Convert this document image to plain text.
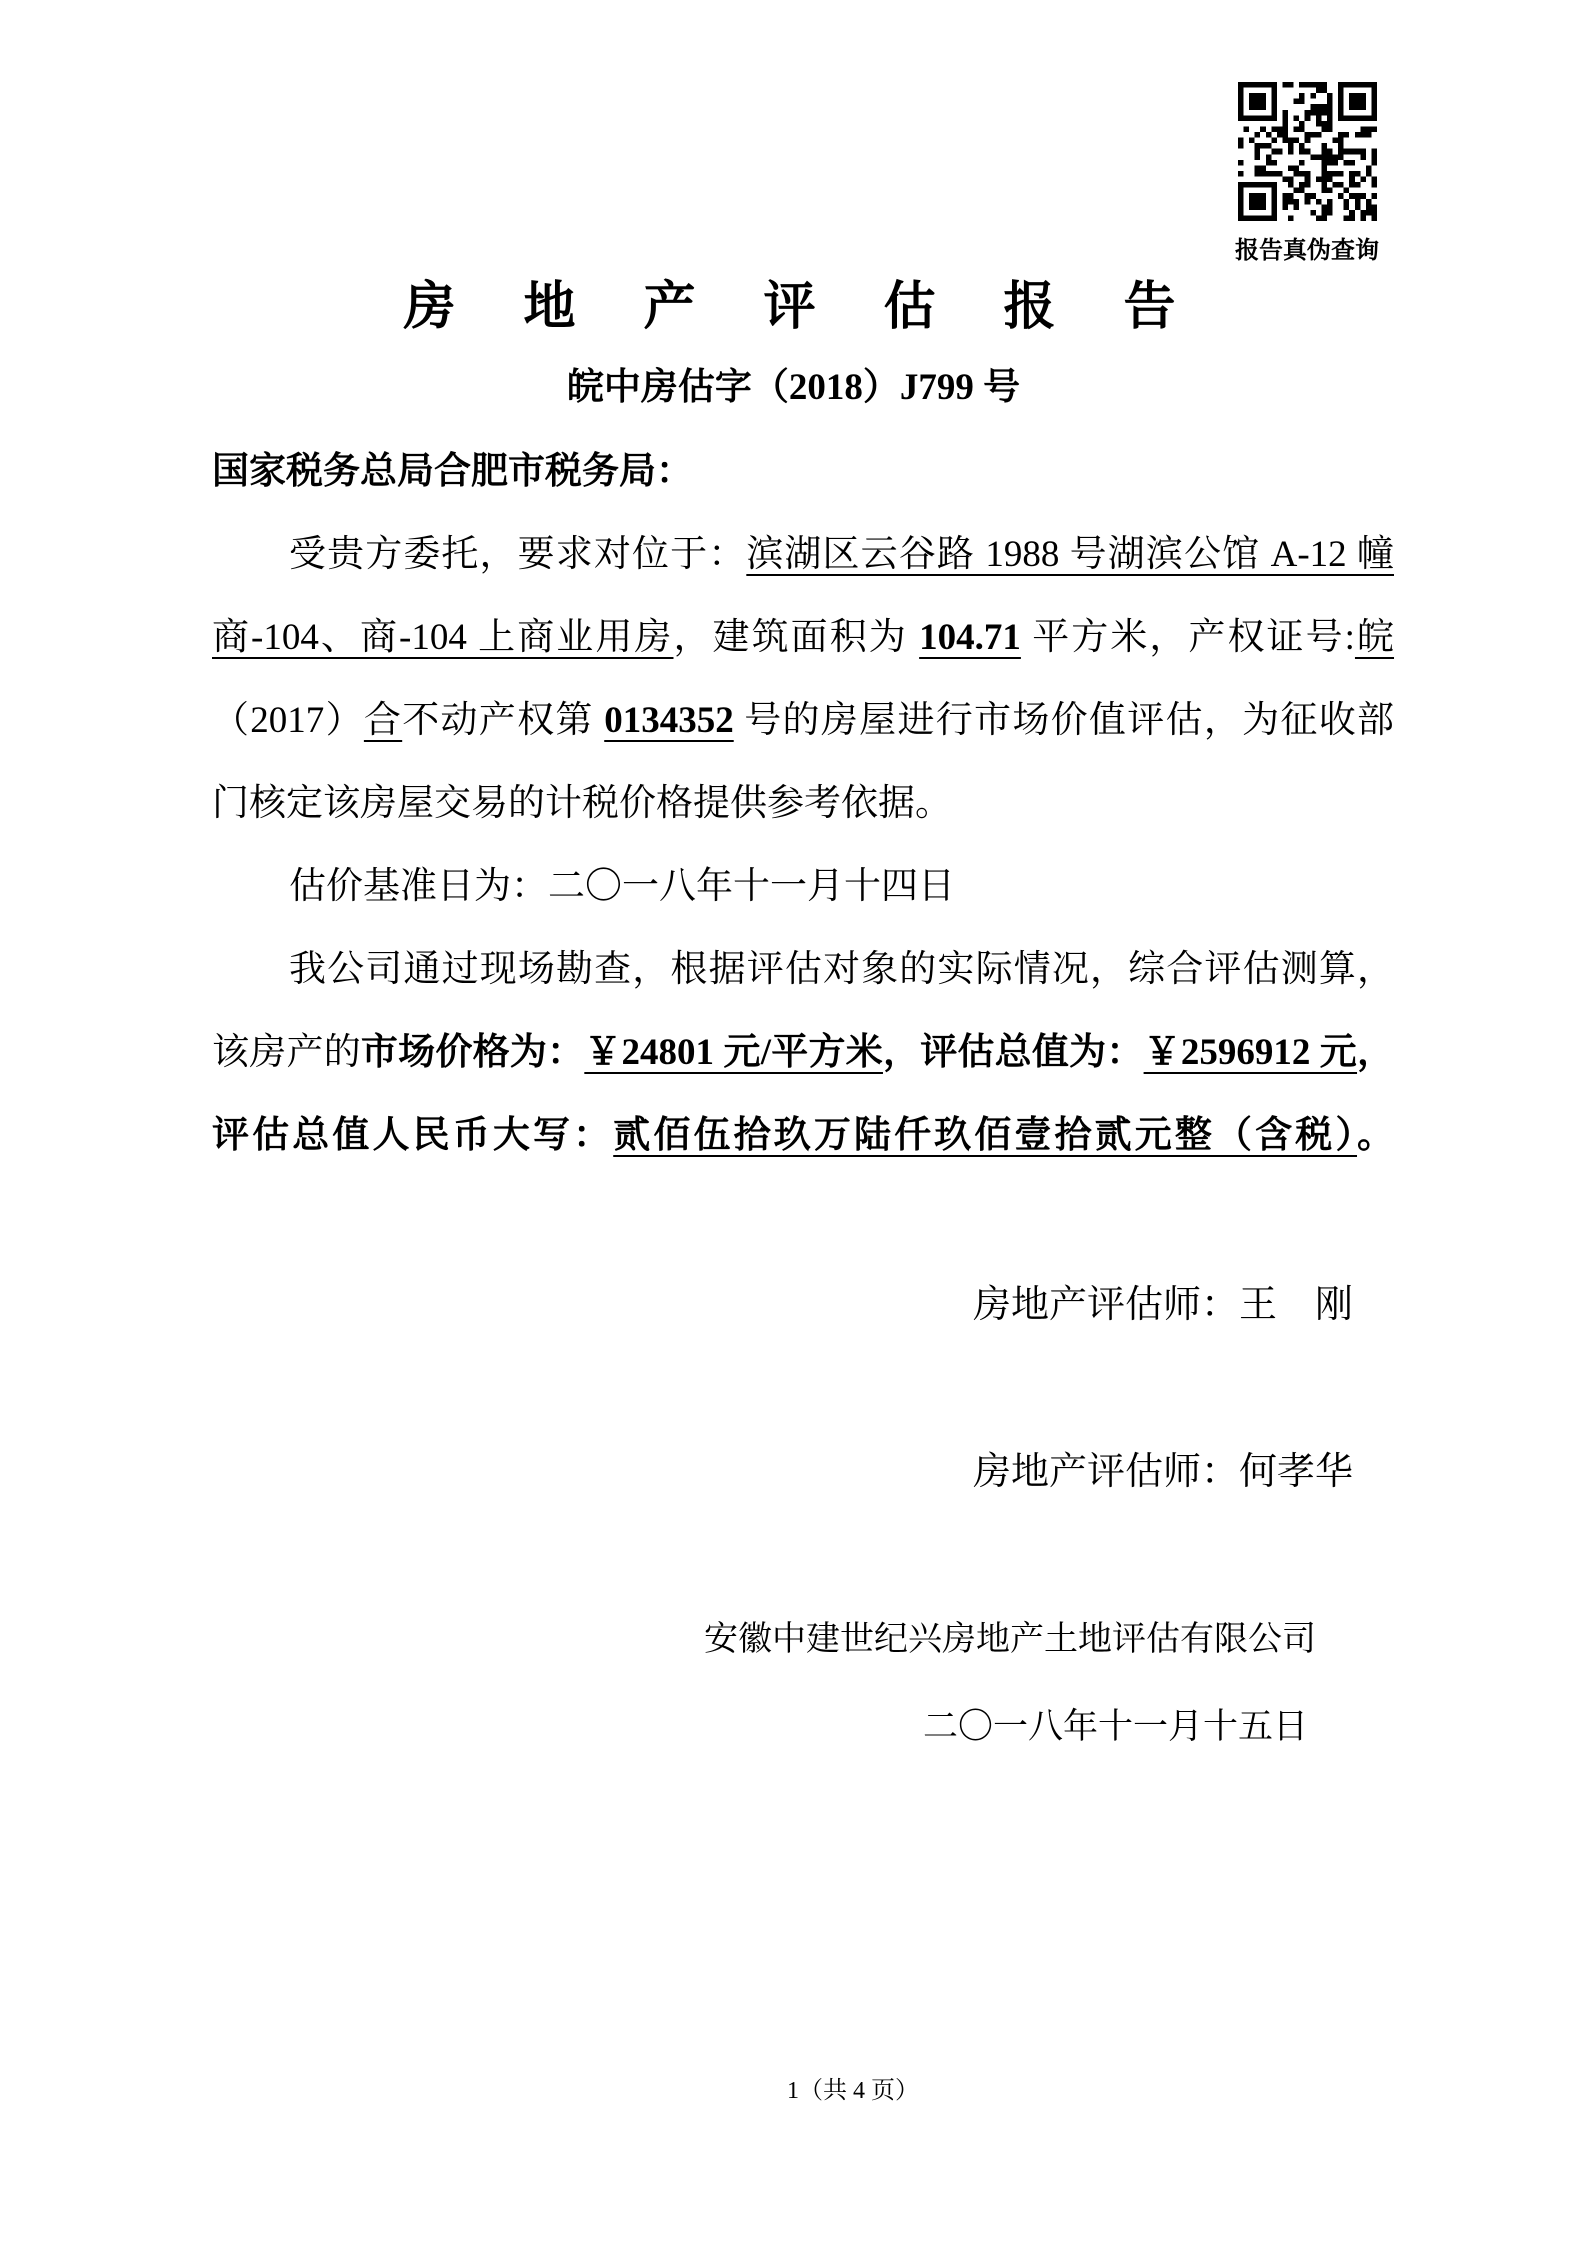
报告真伪查询
房　地　产　评　估　报　告
皖中房估字（2018）J799 号
国家税务总局合肥市税务局：
受贵方委托，要求对位于：滨湖区云谷路 1988 号湖滨公馆 A-12 幢
商-104、商-104 上商业用房，建筑面积为 104.71 平方米，产权证号:皖
（2017）合不动产权第 0134352 号的房屋进行市场价值评估，为征收部
门核定该房屋交易的计税价格提供参考依据。
估价基准日为：二〇一八年十一月十四日
我公司通过现场勘查，根据评估对象的实际情况，综合评估测算，
该房产的市场价格为：￥24801 元/平方米，评估总值为：￥2596912 元，
评估总值人民币大写：贰佰伍拾玖万陆仟玖佰壹拾贰元整（含税）。
房地产评估师：王　刚
房地产评估师：何孝华
安徽中建世纪兴房地产土地评估有限公司
二〇一八年十一月十五日
1（共 4 页）
